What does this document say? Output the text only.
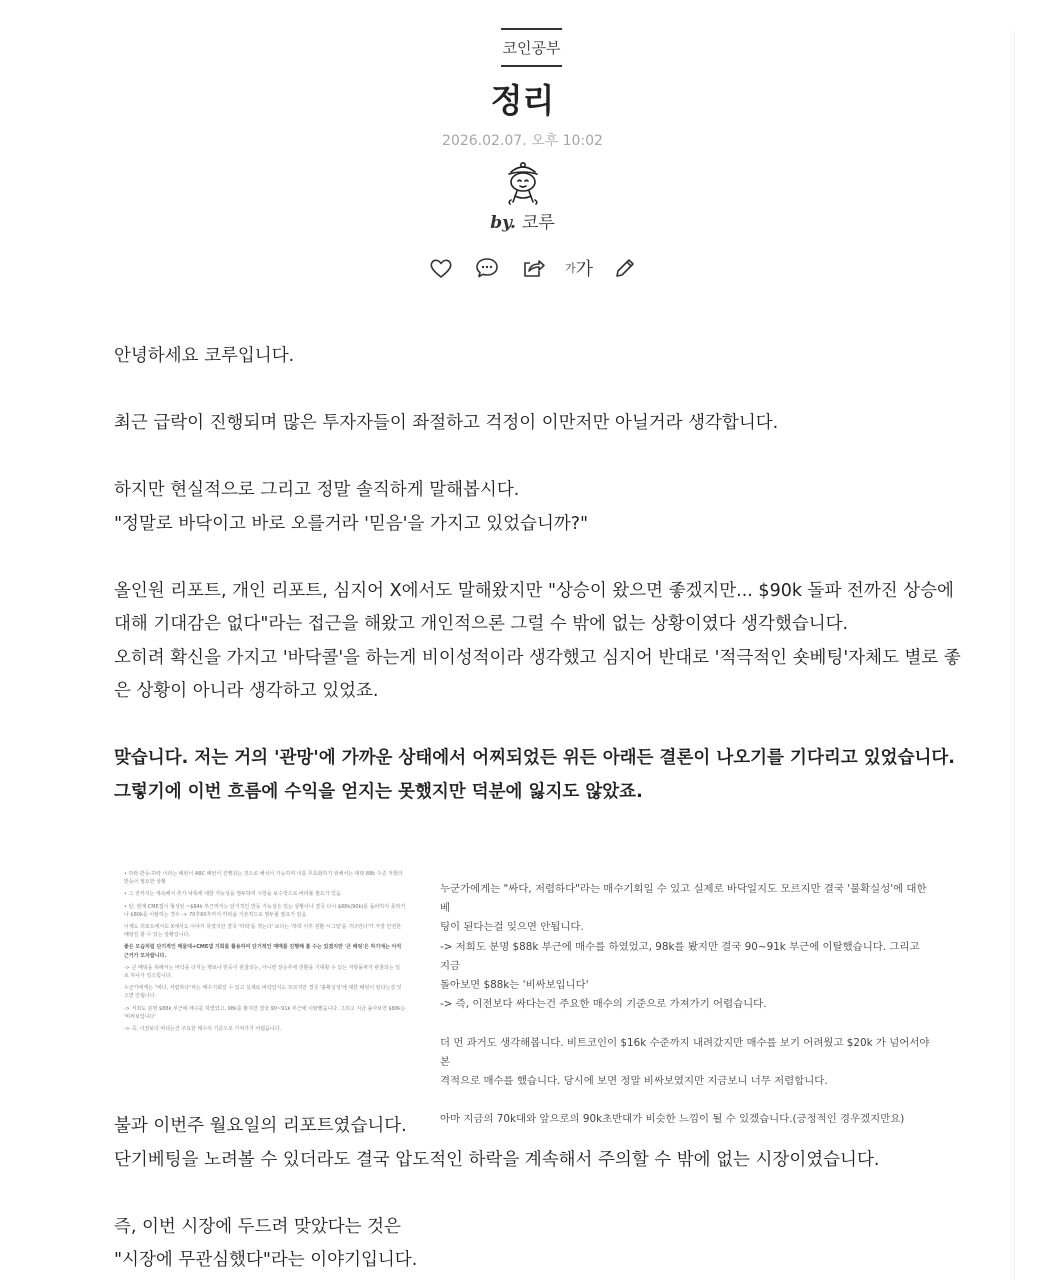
코인공부
정리
2026.02.07. 오후 10:02
by. 코루
가 가

안녕하세요 코루입니다.

최근 급락이 진행되며 많은 투자자들이 좌절하고 걱정이 이만저만 아닐거라 생각합니다.

하지만 현실적으로 그리고 정말 솔직하게 말해봅시다.

"정말로 바닥이고 바로 오를거라 '믿음'을 가지고 있었습니까?"

올인원 리포트, 개인 리포트, 심지어 X에서도 말해왔지만 "상승이 왔으면 좋겠지만... $90k 돌파 전까진 상승에

대해 기대감은 없다"라는 접근을 해왔고 개인적으론 그럴 수 밖에 없는 상황이였다 생각했습니다.

오히려 확신을 가지고 '바닥콜'을 하는게 비이성적이라 생각했고 심지어 반대로 '적극적인 숏베팅'자체도 별로 좋

은 상황이 아니라 생각하고 있었죠.

맞습니다. 저는 거의 '관망'에 가까운 상태에서 어찌되었든 위든 아래든 결론이 나오기를 기다리고 있었습니다.

그렇기에 이번 흐름에 수익을 얻지는 못했지만 덕분에 잃지도 않았죠.

• 하락-반등-하락 이라는 패턴이 ABC 패턴이 진행되는 것으로 해석이 가능하며 이를 무효화하기 위해서는 대략 88k 수준 저항의 반등이 필요한 상황

• 그 전까지는 계속해서 추가 낙폭에 대한 가능성을 염두하며 시장을 보수적으로 바라볼 필요가 있음

• 단, 현재 CME갭이 형성된 ~$84k 부근까지는 단기적인 반등 가능성은 있는 상황이나 결국 다시 $88k(90k)를 돌파하지 못하거나 $80k를 이탈하는 경우 -> 70후60후까지 하락을 기본적으로 염두할 필요가 있음

이제도 리포트에서도 X에서도 이야기 하였지만 결국 '하락'을 겪는다' 보다는 '하락 이후 전환 시그널'을 기다린다'가 가장 안전한 베팅일 할 수 있는 상황입니다.

좋은 모습처럼 단기적인 매물대+CME갭 기회를 활용하여 단기적인 매매를 진행해 볼 수는 있겠지만 '큰 베팅'은 하기에는 아직 근거가 모자랍니다.

-> 큰 베팅을 위해서는 바닥을 다지는 행보나 반등이 관찰되는, 아니면 상승추세 전환을 기대할 수 있는 저항돌파가 관찰되는 일 로 하나가 일으킵니다.

누군가에게는 "싸다, 저렴하다"라는 매수기회일 수 있고 실제로 바닥일지도 모르지만 결국 '불확실성'에 대한 베팅이 된다는걸 잊으면 안됩니다.

-> 저희도 분명 $88k 부근에 매수를 하였었고, 98k를 봤지만 결국 90~91k 부근에 이탈했습니다. 그리고 지금 돌아보면 $88k는 '비싸보입니다'

-> 즉, 이전보다 싸다는건 주요한 매수의 기준으로 가져가기 어렵습니다.

누군가에게는 "싸다, 저렴하다"라는 매수기회일 수 있고 실제로 바닥일지도 모르지만 결국 '불확실성'에 대한 베

팅이 된다는걸 잊으면 안됩니다.

-> 저희도 분명 $88k 부근에 매수를 하였었고, 98k를 봤지만 결국 90~91k 부근에 이탈했습니다. 그리고 지금

돌아보면 $88k는 '비싸보입니다'

-> 즉, 이전보다 싸다는건 주요한 매수의 기준으로 가져가기 어렵습니다.

더 먼 과거도 생각해봅니다. 비트코인이 $16k 수준까지 내려갔지만 매수를 보기 어려웠고 $20k 가 넘어서야 본

격적으로 매수를 했습니다. 당시에 보면 정말 비싸보였지만 지금보니 너무 저렴합니다.

아마 지금의 70k대와 앞으로의 90k초반대가 비슷한 느낌이 될 수 있겠습니다.(긍정적인 경우겠지만요)

불과 이번주 월요일의 리포트였습니다.

단기베팅을 노려볼 수 있더라도 결국 압도적인 하락을 계속해서 주의할 수 밖에 없는 시장이였습니다.

즉, 이번 시장에 두드려 맞았다는 것은

"시장에 무관심했다"라는 이야기입니다.
